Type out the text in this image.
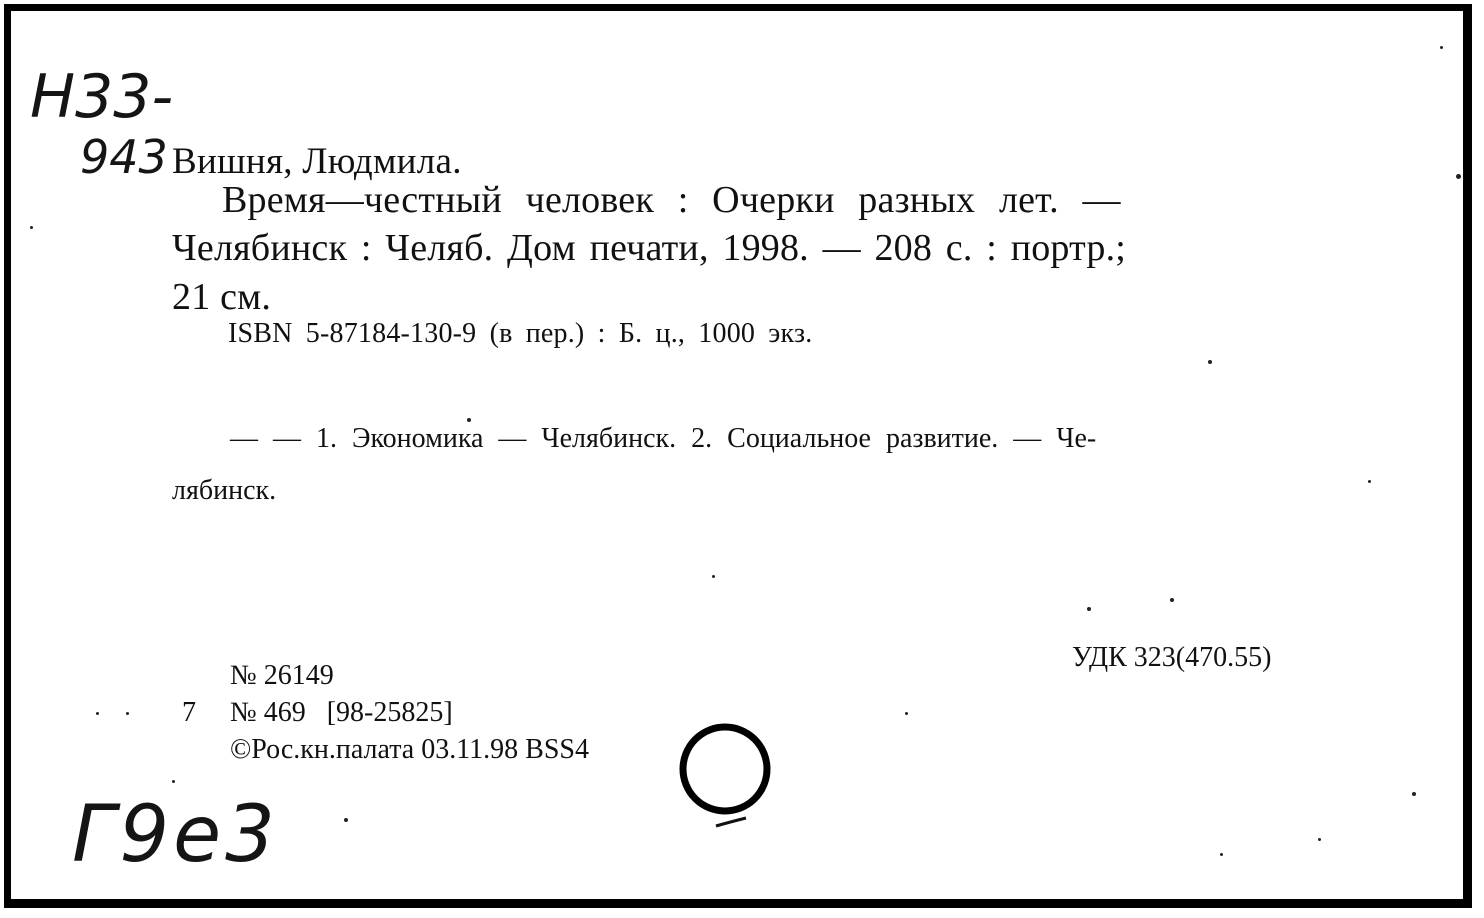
Н33-
943 Вишня, Людмила.
Время—честный человек : Очерки разных лет. —
Челябинск : Челяб. Дом печати, 1998. — 208 с. : портр.;
21 см.
ISBN 5-87184-130-9 (в пер.) : Б. ц., 1000 экз.
— — 1. Экономика — Челябинск. 2. Социальное развитие. — Че-
лябинск.
УДК 323(470.55)
№ 26149
7 № 469   [98-25825]
©Рос.кн.палата 03.11.98 ВSS4
Г9е3
